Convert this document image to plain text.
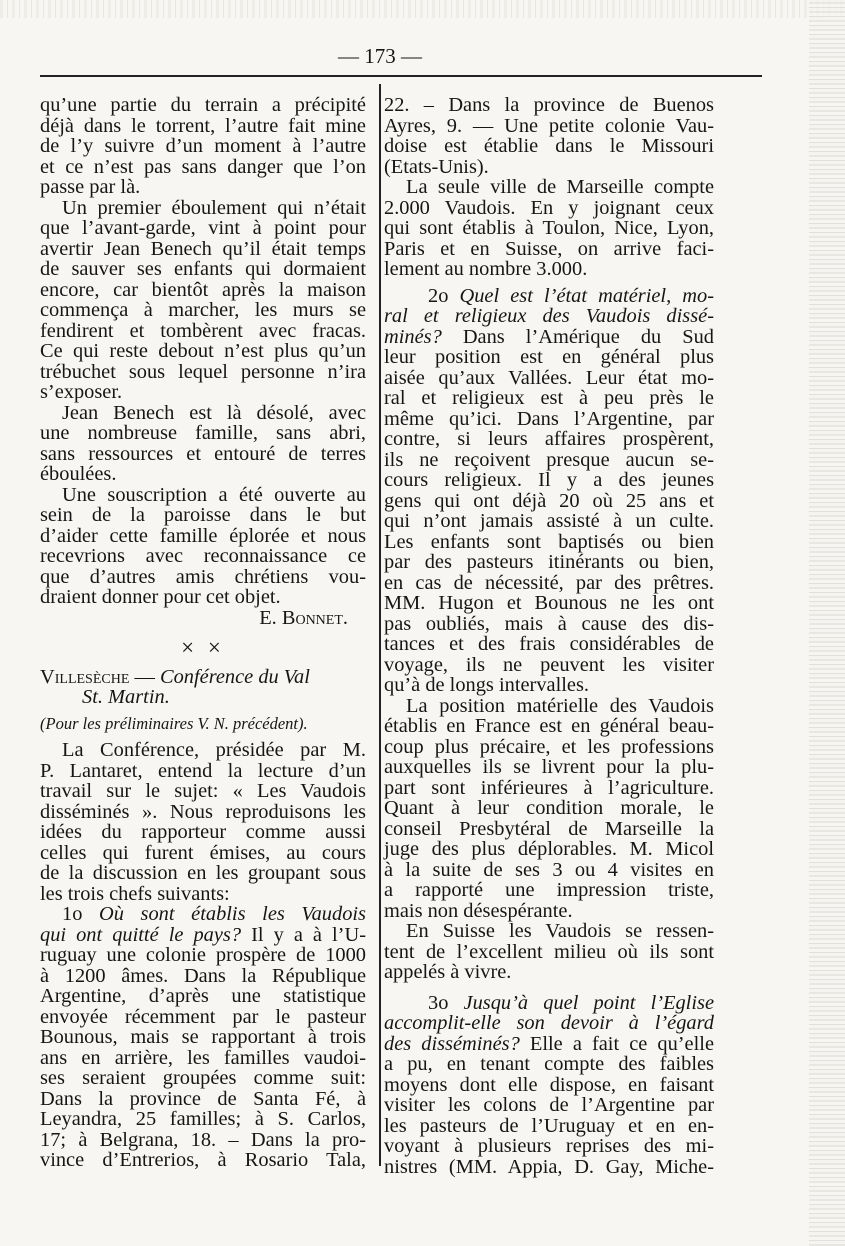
— 173 —
qu’une partie du terrain a précipité
déjà dans le torrent, l’autre fait mine
de l’y suivre d’un moment à l’autre
et ce n’est pas sans danger que l’on
passe par là.
Un premier éboulement qui n’était
que l’avant-garde, vint à point pour
avertir Jean Benech qu’il était temps
de sauver ses enfants qui dormaient
encore, car bientôt après la maison
commença à marcher, les murs se
fendirent et tombèrent avec fracas.
Ce qui reste debout n’est plus qu’un
trébuchet sous lequel personne n’ira
s’exposer.
Jean Benech est là désolé, avec
une nombreuse famille, sans abri,
sans ressources et entouré de terres
éboulées.
Une souscription a été ouverte au
sein de la paroisse dans le but
d’aider cette famille éplorée et nous
recevrions avec reconnaissance ce
que d’autres amis chrétiens vou-
draient donner pour cet objet.
E. Bonnet.
× ×
Villesèche — Conférence du Val
St. Martin.
(Pour les préliminaires V. N. précédent).
La Conférence, présidée par M.
P. Lantaret, entend la lecture d’un
travail sur le sujet: « Les Vaudois
disséminés ». Nous reproduisons les
idées du rapporteur comme aussi
celles qui furent émises, au cours
de la discussion en les groupant sous
les trois chefs suivants:
1o Où sont établis les Vaudois
qui ont quitté le pays? Il y a à l’U-
ruguay une colonie prospère de 1000
à 1200 âmes. Dans la République
Argentine, d’après une statistique
envoyée récemment par le pasteur
Bounous, mais se rapportant à trois
ans en arrière, les familles vaudoi-
ses seraient groupées comme suit:
Dans la province de Santa Fé, à
Leyandra, 25 familles; à S. Carlos,
17; à Belgrana, 18. – Dans la pro-
vince d’Entrerios, à Rosario Tala,
22. – Dans la province de Buenos
Ayres, 9. — Une petite colonie Vau-
doise est établie dans le Missouri
(Etats-Unis).
La seule ville de Marseille compte
2.000 Vaudois. En y joignant ceux
qui sont établis à Toulon, Nice, Lyon,
Paris et en Suisse, on arrive faci-
lement au nombre 3.000.
2o Quel est l’état matériel, mo-
ral et religieux des Vaudois dissé-
minés? Dans l’Amérique du Sud
leur position est en général plus
aisée qu’aux Vallées. Leur état mo-
ral et religieux est à peu près le
même qu’ici. Dans l’Argentine, par
contre, si leurs affaires prospèrent,
ils ne reçoivent presque aucun se-
cours religieux. Il y a des jeunes
gens qui ont déjà 20 où 25 ans et
qui n’ont jamais assisté à un culte.
Les enfants sont baptisés ou bien
par des pasteurs itinérants ou bien,
en cas de nécessité, par des prêtres.
MM. Hugon et Bounous ne les ont
pas oubliés, mais à cause des dis-
tances et des frais considérables de
voyage, ils ne peuvent les visiter
qu’à de longs intervalles.
La position matérielle des Vaudois
établis en France est en général beau-
coup plus précaire, et les professions
auxquelles ils se livrent pour la plu-
part sont inférieures à l’agriculture.
Quant à leur condition morale, le
conseil Presbytéral de Marseille la
juge des plus déplorables. M. Micol
à la suite de ses 3 ou 4 visites en
a rapporté une impression triste,
mais non désespérante.
En Suisse les Vaudois se ressen-
tent de l’excellent milieu où ils sont
appelés à vivre.
3o Jusqu’à quel point l’Eglise
accomplit-elle son devoir à l’égard
des disséminés? Elle a fait ce qu’elle
a pu, en tenant compte des faibles
moyens dont elle dispose, en faisant
visiter les colons de l’Argentine par
les pasteurs de l’Uruguay et en en-
voyant à plusieurs reprises des mi-
nistres (MM. Appia, D. Gay, Miche-
